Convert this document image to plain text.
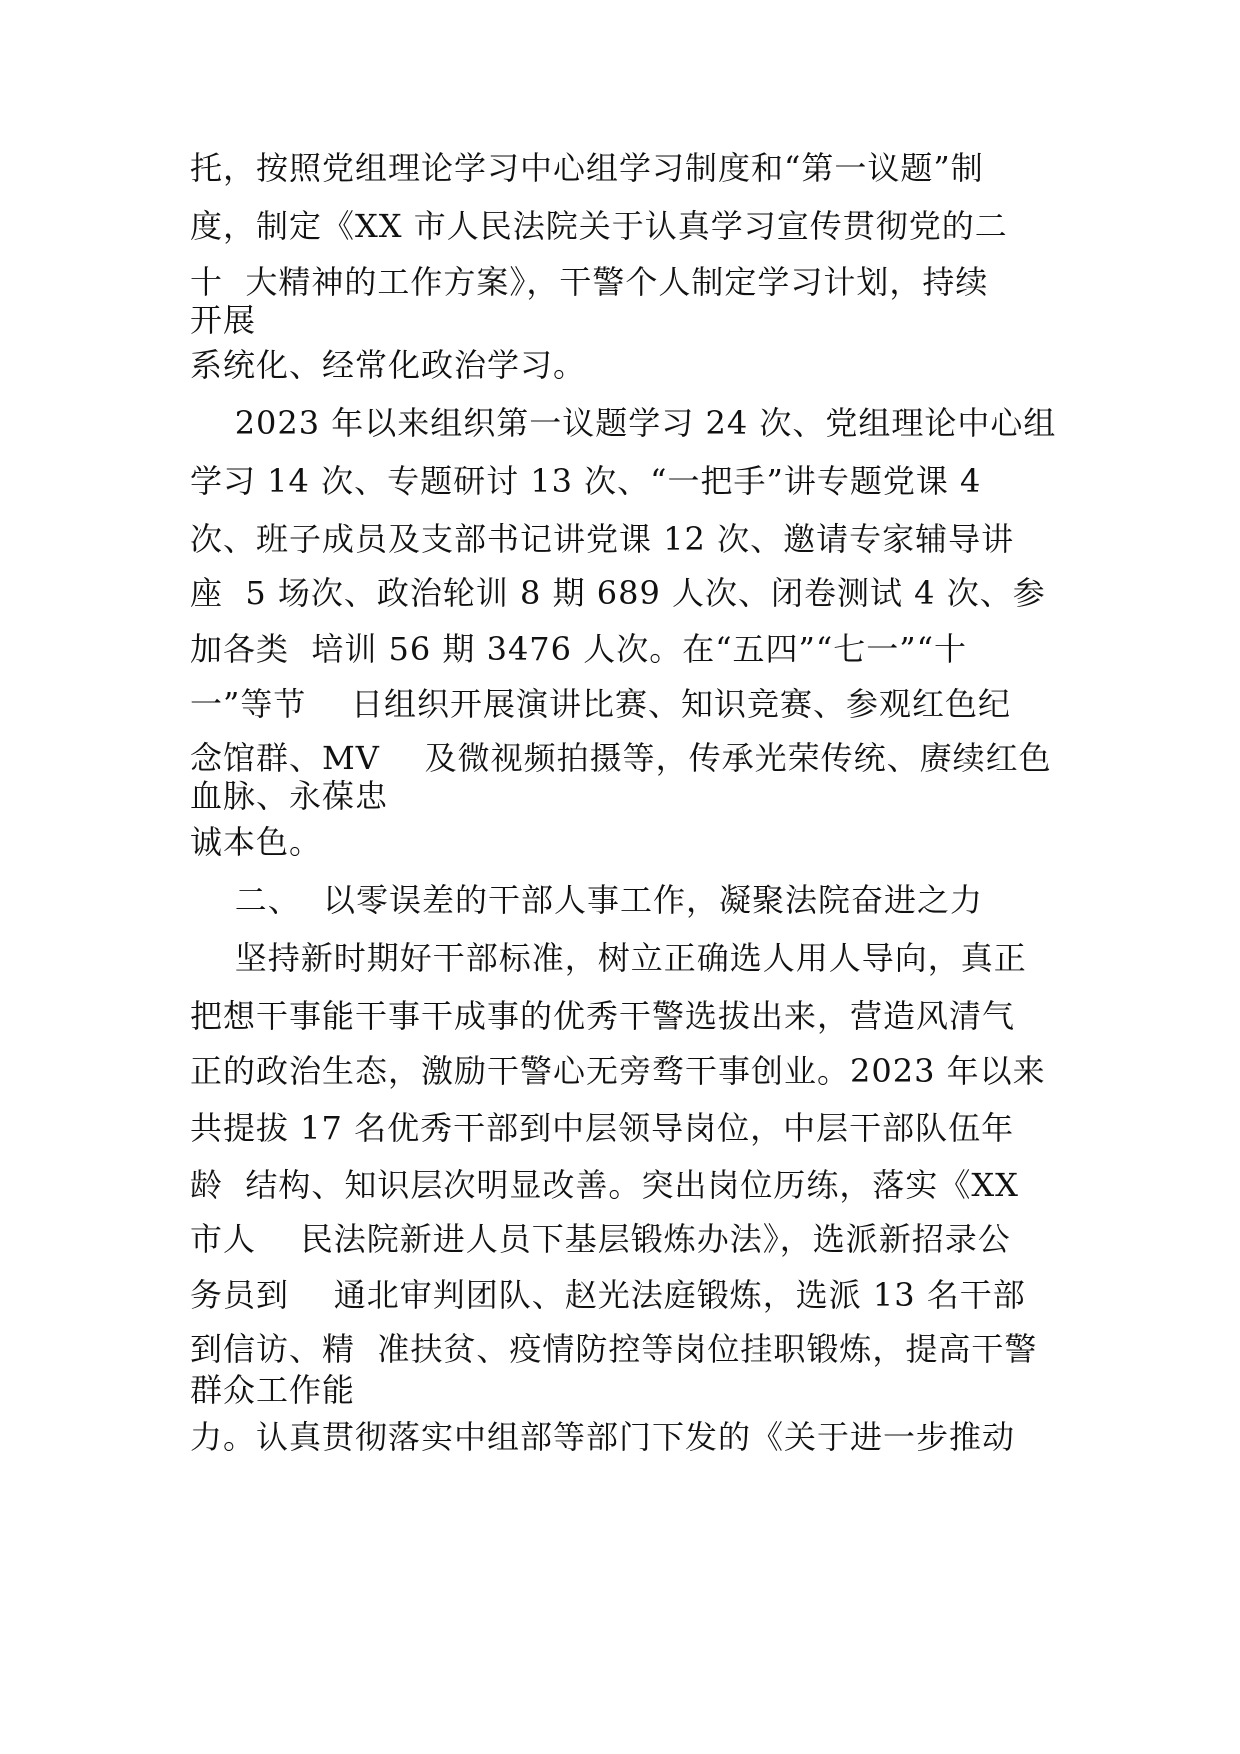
托，按照党组理论学习中心组学习制度和“第一议题”制
度，制定《XX 市人民法院关于认真学习宣传贯彻党的二
十  大精神的工作方案》，干警个人制定学习计划，持续
开展
系统化、经常化政治学习。
2023 年以来组织第一议题学习 24 次、党组理论中心组
学习 14 次、专题研讨 13 次、“一把手”讲专题党课 4
次、班子成员及支部书记讲党课 12 次、邀请专家辅导讲
座  5 场次、政治轮训 8 期 689 人次、闭卷测试 4 次、参
加各类  培训 56 期 3476 人次。在“五四”“七一”“十
一”等节    日组织开展演讲比赛、知识竞赛、参观红色纪
念馆群、MV    及微视频拍摄等，传承光荣传统、赓续红色
血脉、永葆忠
诚本色。
二、  以零误差的干部人事工作，凝聚法院奋进之力
坚持新时期好干部标准，树立正确选人用人导向，真正
把想干事能干事干成事的优秀干警选拔出来，营造风清气
正的政治生态，激励干警心无旁骛干事创业。2023 年以来
共提拔 17 名优秀干部到中层领导岗位，中层干部队伍年
龄  结构、知识层次明显改善。突出岗位历练，落实《XX
市人    民法院新进人员下基层锻炼办法》，选派新招录公
务员到    通北审判团队、赵光法庭锻炼，选派 13 名干部
到信访、精  准扶贫、疫情防控等岗位挂职锻炼，提高干警
群众工作能
力。认真贯彻落实中组部等部门下发的《关于进一步推动
